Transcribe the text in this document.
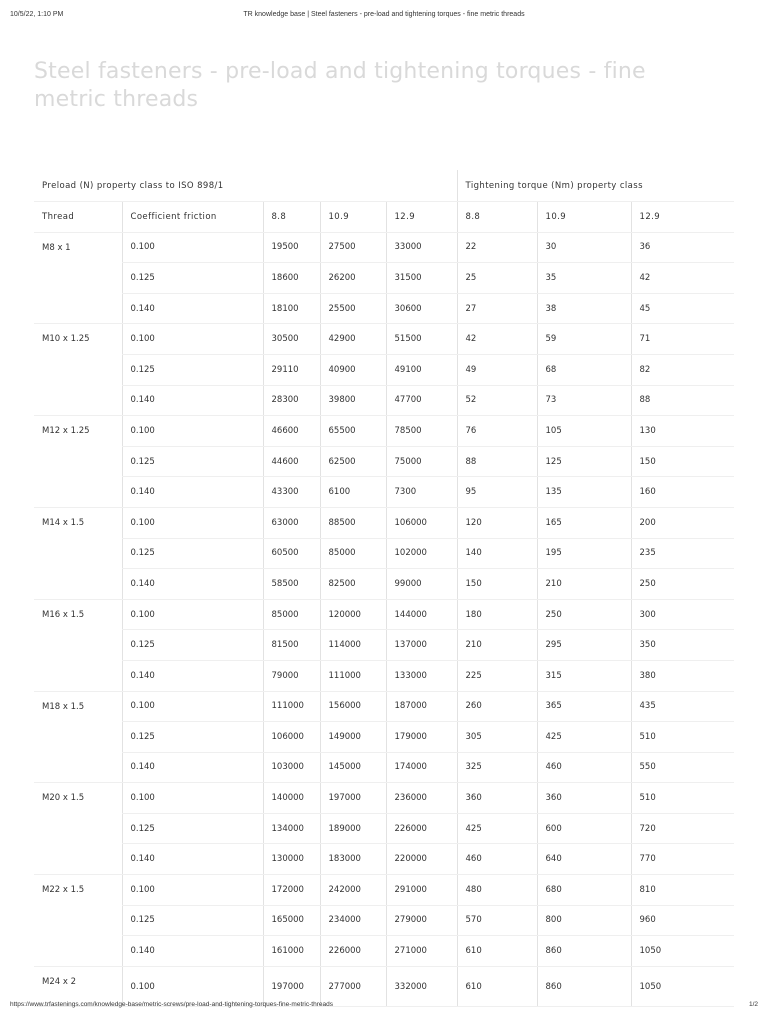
10/5/22, 1:10 PM	TR knowledge base | Steel fasteners - pre-load and tightening torques - fine metric threads
Steel fasteners - pre-load and tightening torques - fine metric threads
Preload (N) property class to ISO 898/1					Tightening torque (Nm) property class		
Thread	Coefficient friction	8.8	10.9	12.9	8.8	10.9	12.9
M8 x 1	0.100	19500	27500	33000	22	30	36
	0.125	18600	26200	31500	25	35	42
	0.140	18100	25500	30600	27	38	45
M10 x 1.25	0.100	30500	42900	51500	42	59	71
	0.125	29110	40900	49100	49	68	82
	0.140	28300	39800	47700	52	73	88
M12 x 1.25	0.100	46600	65500	78500	76	105	130
	0.125	44600	62500	75000	88	125	150
	0.140	43300	6100	7300	95	135	160
M14 x 1.5	0.100	63000	88500	106000	120	165	200
	0.125	60500	85000	102000	140	195	235
	0.140	58500	82500	99000	150	210	250
M16 x 1.5	0.100	85000	120000	144000	180	250	300
	0.125	81500	114000	137000	210	295	350
	0.140	79000	111000	133000	225	315	380
M18 x 1.5	0.100	111000	156000	187000	260	365	435
	0.125	106000	149000	179000	305	425	510
	0.140	103000	145000	174000	325	460	550
M20 x 1.5	0.100	140000	197000	236000	360	360	510
	0.125	134000	189000	226000	425	600	720
	0.140	130000	183000	220000	460	640	770
M22 x 1.5	0.100	172000	242000	291000	480	680	810
	0.125	165000	234000	279000	570	800	960
	0.140	161000	226000	271000	610	860	1050
M24 x 2	0.100	197000	277000	332000	610	860	1050
https://www.trfastenings.com/knowledge-base/metric-screws/pre-load-and-tightening-torques-fine-metric-threads	1/2
